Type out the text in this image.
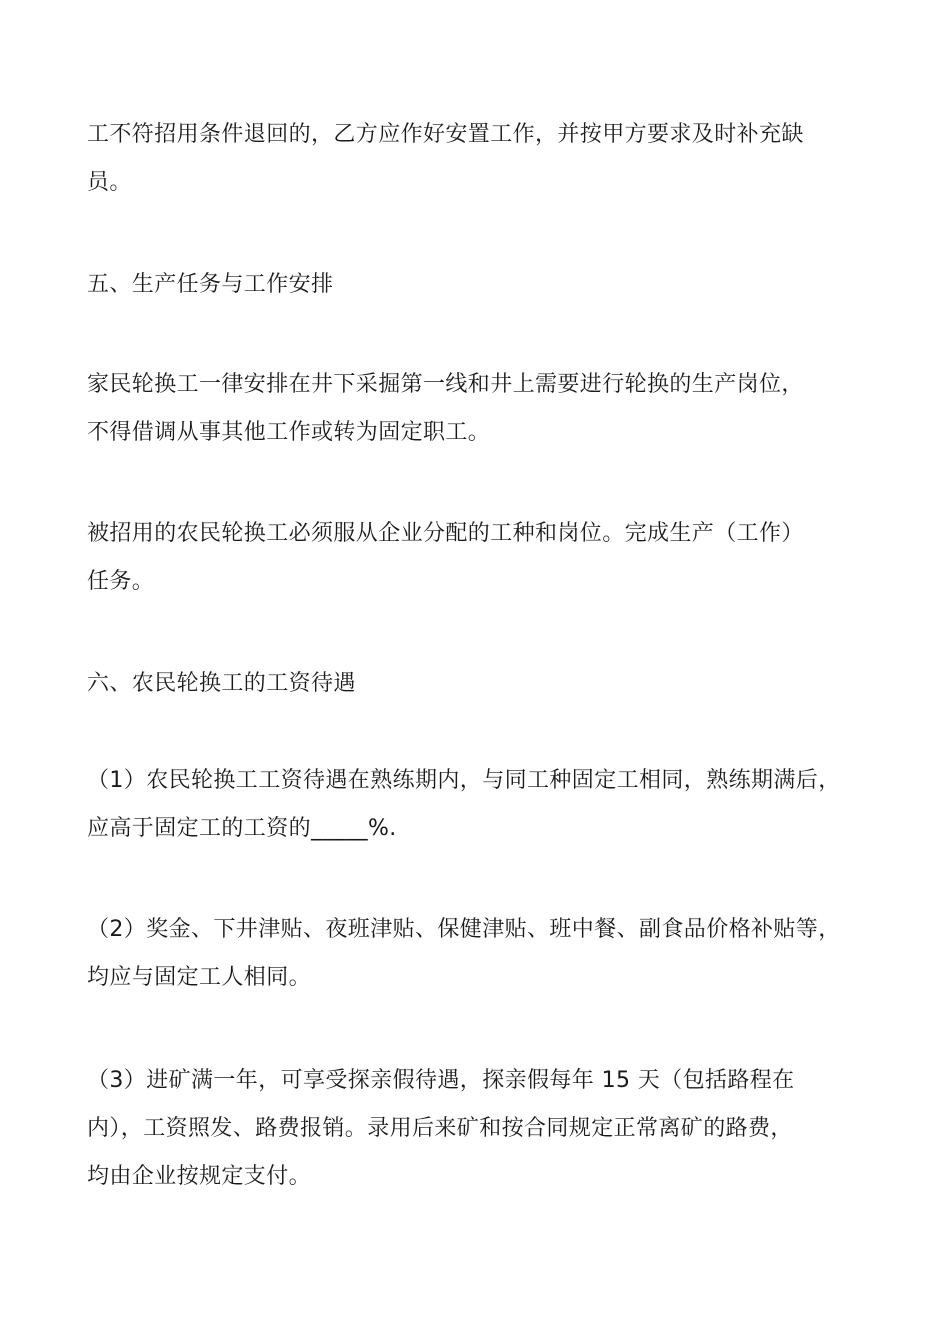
工不符招用条件退回的，乙方应作好安置工作，并按甲方要求及时补充缺
员。

五、生产任务与工作安排

家民轮换工一律安排在井下采掘第一线和井上需要进行轮换的生产岗位，
不得借调从事其他工作或转为固定职工。

被招用的农民轮换工必须服从企业分配的工种和岗位。完成生产（工作）
任务。

六、农民轮换工的工资待遇

（1）农民轮换工工资待遇在熟练期内，与同工种固定工相同，熟练期满后，
应高于固定工的工资的_____%.

（2）奖金、下井津贴、夜班津贴、保健津贴、班中餐、副食品价格补贴等，
均应与固定工人相同。

（3）进矿满一年，可享受探亲假待遇，探亲假每年 15 天（包括路程在
内），工资照发、路费报销。录用后来矿和按合同规定正常离矿的路费，
均由企业按规定支付。
